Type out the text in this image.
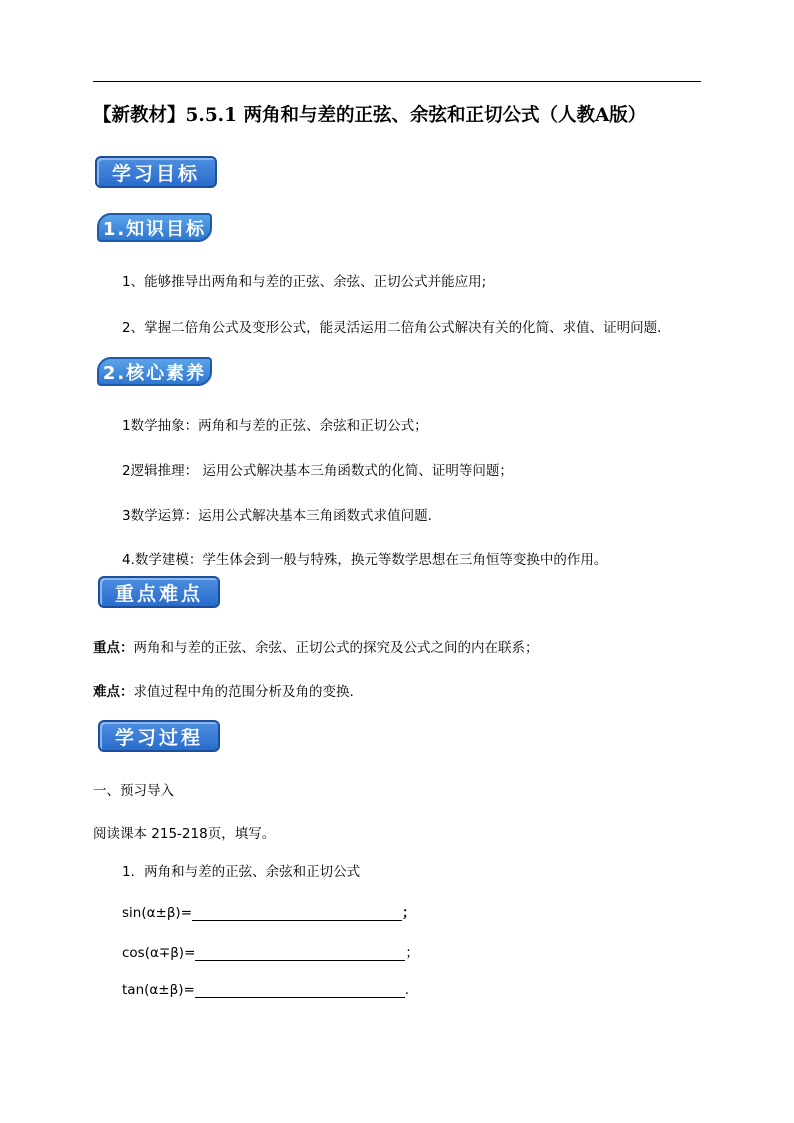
【新教材】5.5.1 两角和与差的正弦、余弦和正切公式（人教A版）
学习目标
1.知识目标
1、能够推导出两角和与差的正弦、余弦、正切公式并能应用;
2、掌握二倍角公式及变形公式，能灵活运用二倍角公式解决有关的化简、求值、证明问题．
2.核心素养
1数学抽象：两角和与差的正弦、余弦和正切公式；
2逻辑推理： 运用公式解决基本三角函数式的化简、证明等问题；
3数学运算：运用公式解决基本三角函数式求值问题.
4.数学建模：学生体会到一般与特殊，换元等数学思想在三角恒等变换中的作用。
重点难点
重点：两角和与差的正弦、余弦、正切公式的探究及公式之间的内在联系；
难点：求值过程中角的范围分析及角的变换.
学习过程
一、预习导入
阅读课本 215-218页，填写。
1．两角和与差的正弦、余弦和正切公式
sin(α±β)=	；
cos(α∓β)=	；
tan(α±β)=	.
